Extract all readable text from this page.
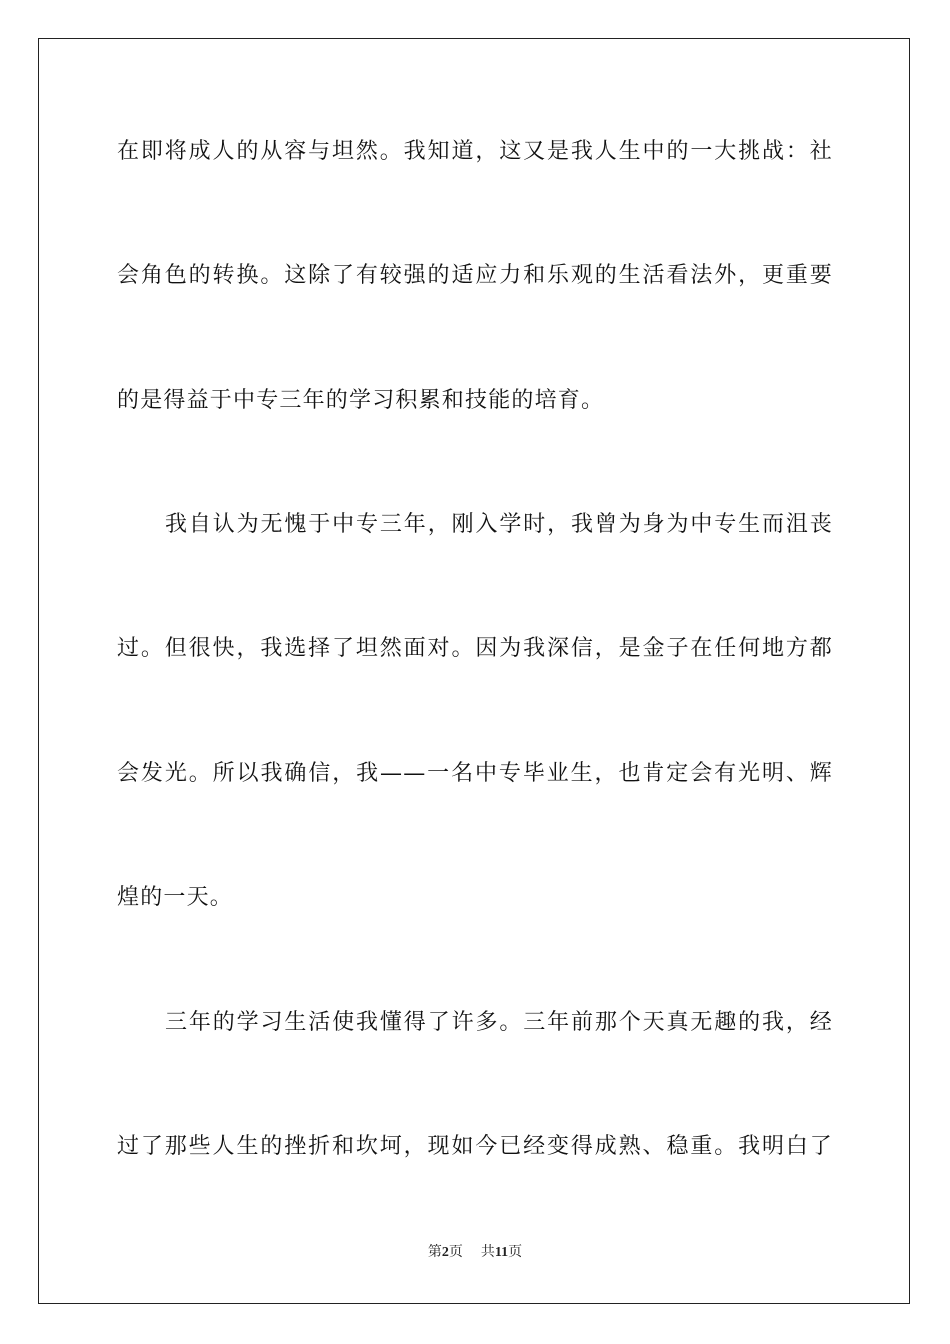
在即将成人的从容与坦然。我知道，这又是我人生中的一大挑战：社
会角色的转换。这除了有较强的适应力和乐观的生活看法外，更重要
的是得益于中专三年的学习积累和技能的培育。
我自认为无愧于中专三年，刚入学时，我曾为身为中专生而沮丧
过。但很快，我选择了坦然面对。因为我深信，是金子在任何地方都
会发光。所以我确信，我——一名中专毕业生，也肯定会有光明、辉
煌的一天。
三年的学习生活使我懂得了许多。三年前那个天真无趣的我，经
过了那些人生的挫折和坎坷，现如今已经变得成熟、稳重。我明白了
第2页 共11页
